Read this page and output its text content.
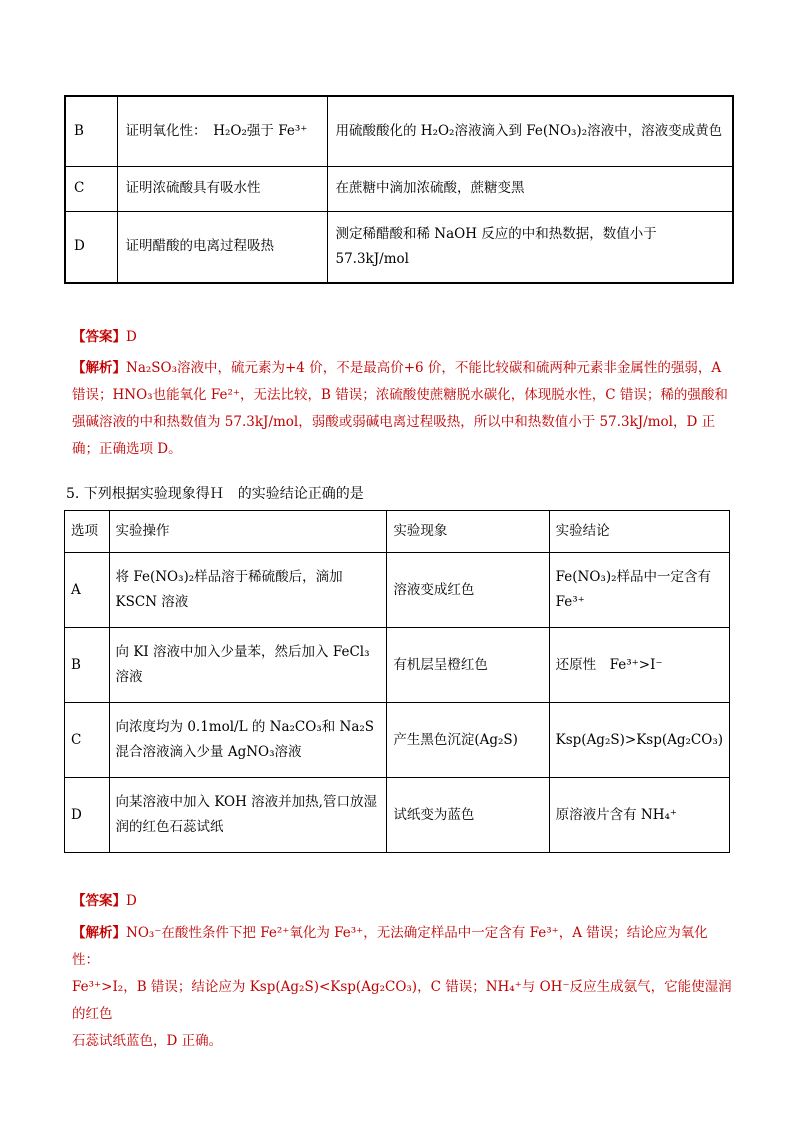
B	证明氧化性：　H₂O₂强于 Fe³⁺	用硫酸酸化的 H₂O₂溶液滴入到 Fe(NO₃)₂溶液中，溶液变成黄色
C	证明浓硫酸具有吸水性	在蔗糖中滴加浓硫酸，蔗糖变黑
D	证明醋酸的电离过程吸热	测定稀醋酸和稀 NaOH 反应的中和热数据，数值小于 57.3kJ/mol
【答案】D
【解析】Na₂SO₃溶液中，硫元素为+4 价，不是最高价+6 价，不能比较碳和硫两种元素非金属性的强弱，A
错误；HNO₃也能氧化 Fe²⁺，无法比较，B 错误；浓硫酸使蔗糖脱水碳化，体现脱水性，C 错误；稀的强酸和
强碱溶液的中和热数值为 57.3kJ/mol，弱酸或弱碱电离过程吸热，所以中和热数值小于 57.3kJ/mol，D 正
确；正确选项 D。
5. 下列根据实验现象得Ｈ　的实验结论正确的是
选项	实验操作	实验现象	实验结论
A	将 Fe(NO₃)₂样品溶于稀硫酸后，滴加 KSCN 溶液	溶液变成红色	Fe(NO₃)₂样品中一定含有 Fe³⁺
B	向 KI 溶液中加入少量苯，然后加入 FeCl₃溶液	有机层呈橙红色	还原性　Fe³⁺>I⁻
C	向浓度均为 0.1mol/L 的 Na₂CO₃和 Na₂S 混合溶液滴入少量 AgNO₃溶液	产生黑色沉淀(Ag₂S)	Ksp(Ag₂S)>Ksp(Ag₂CO₃)
D	向某溶液中加入 KOH 溶液并加热,管口放湿润的红色石蕊试纸	试纸变为蓝色	原溶液片含有 NH₄⁺
【答案】D
【解析】NO₃⁻在酸性条件下把 Fe²⁺氧化为 Fe³⁺，无法确定样品中一定含有 Fe³⁺，A 错误；结论应为氧化性：
Fe³⁺>I₂，B 错误；结论应为 Ksp(Ag₂S)<Ksp(Ag₂CO₃)，C 错误；NH₄⁺与 OH⁻反应生成氨气，它能使湿润的红色
石蕊试纸蓝色，D 正确。
